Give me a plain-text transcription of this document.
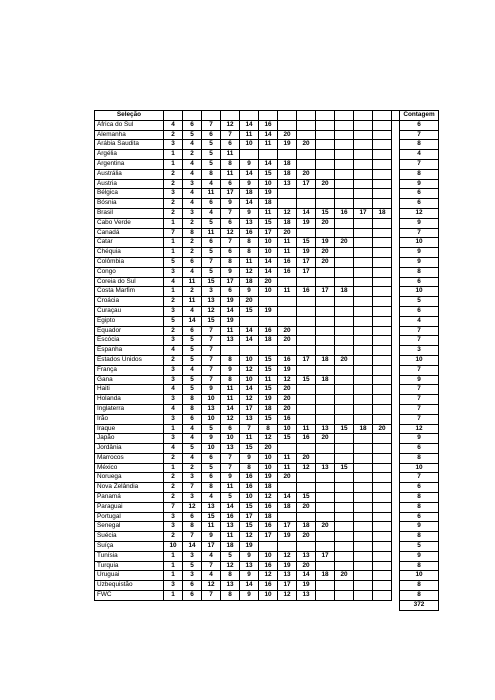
Seleção														Contagem
África do Sul	4	6	7	12	14	16								6
Alemanha	2	5	6	7	11	14	20							7
Arábia Saudita	3	4	5	6	10	11	19	20						8
Argélia	1	2	5	11										4
Argentina	1	4	5	8	9	14	18							7
Austrália	2	4	8	11	14	15	18	20						8
Áustria	2	3	4	6	9	10	13	17	20					9
Bélgica	3	4	11	17	18	19								6
Bósnia	2	4	6	9	14	18								6
Brasil	2	3	4	7	9	11	12	14	15	16	17	18		12
Cabo Verde	1	2	5	6	13	15	18	19	20					9
Canadá	7	8	11	12	16	17	20							7
Catar	1	2	6	7	8	10	11	15	19	20				10
Chéquia	1	2	5	6	8	10	11	19	20					9
Colômbia	5	6	7	8	11	14	16	17	20					9
Congo	3	4	5	9	12	14	16	17						8
Coreia do Sul	4	11	15	17	18	20								6
Costa Marfim	1	2	3	6	9	10	11	16	17	18				10
Croácia	2	11	13	19	20									5
Curaçau	3	4	12	14	15	19								6
Egipto	5	14	15	19										4
Equador	2	6	7	11	14	16	20							7
Escócia	3	5	7	13	14	18	20							7
Espanha	4	5	7											3
Estados Unidos	2	5	7	8	10	15	16	17	18	20				10
França	3	4	7	9	12	15	19							7
Gana	3	5	7	8	10	11	12	15	18					9
Haiti	4	5	9	11	14	15	20							7
Holanda	3	8	10	11	12	19	20							7
Inglaterra	4	8	13	14	17	18	20							7
Irão	3	6	10	12	13	15	16							7
Iraque	1	4	5	6	7	8	10	11	13	15	18	20		12
Japão	3	4	9	10	11	12	15	16	20					9
Jordânia	4	5	10	13	15	20								6
Marrocos	2	4	6	7	9	10	11	20						8
México	1	2	5	7	8	10	11	12	13	15				10
Noruega	2	3	6	9	16	19	20							7
Nova Zelândia	2	7	8	11	16	18								6
Panamá	2	3	4	5	10	12	14	15						8
Paraguai	7	12	13	14	15	16	18	20						8
Portugal	3	6	15	16	17	18								6
Senegal	3	8	11	13	15	16	17	18	20					9
Suécia	2	7	9	11	12	17	19	20						8
Suíça	10	14	17	18	19									5
Tunísia	1	3	4	5	9	10	12	13	17					9
Turquia	1	5	7	12	13	16	19	20						8
Uruguai	1	3	4	8	9	12	13	14	18	20				10
Uzbequistão	3	6	12	13	14	16	17	19						8
FWC	1	6	7	8	9	10	12	13						8
														372
